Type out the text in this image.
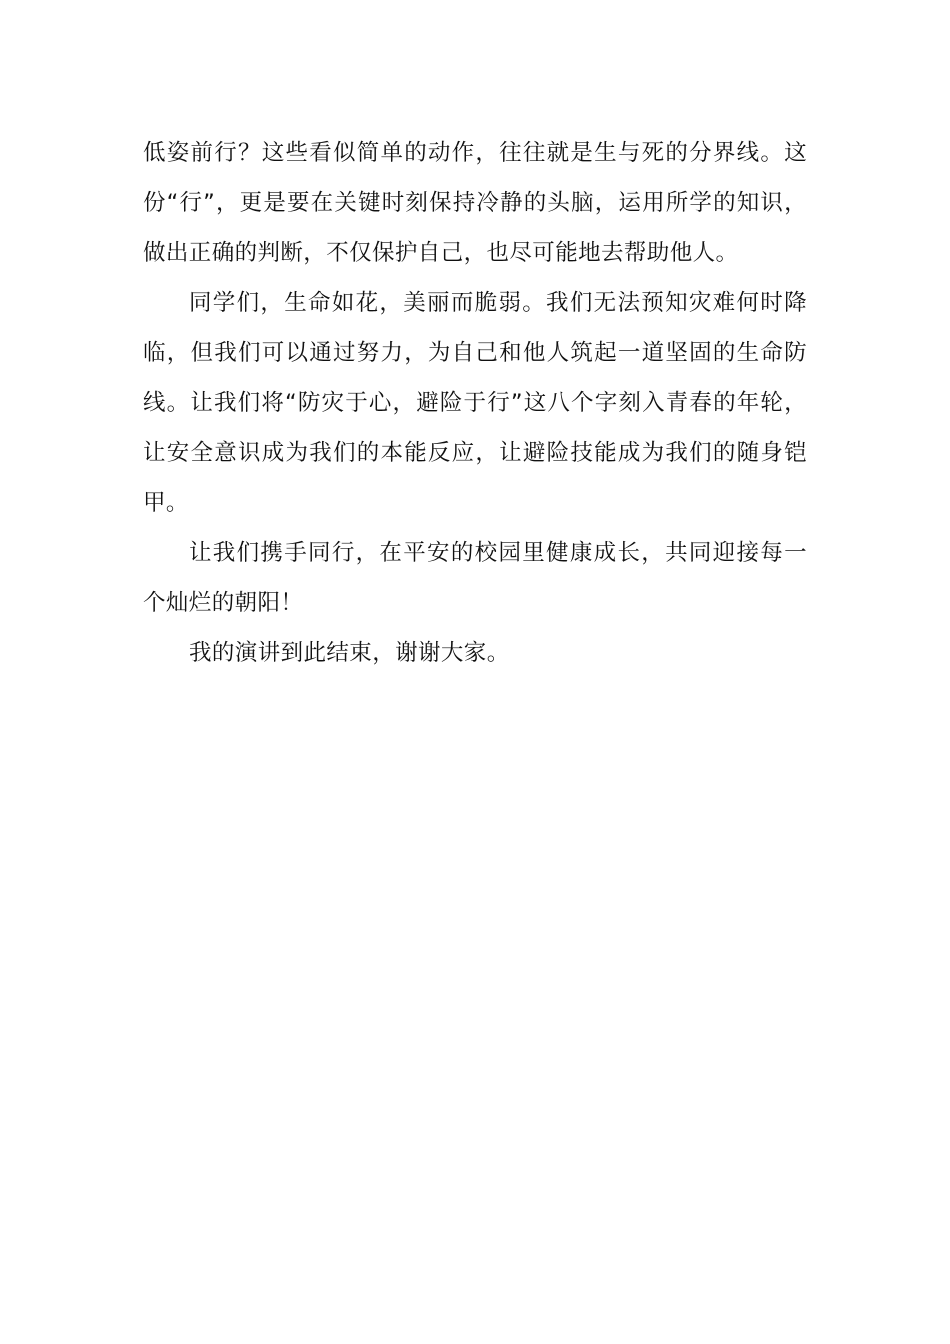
低姿前行？这些看似简单的动作，往往就是生与死的分界线。这份“行”，更是要在关键时刻保持冷静的头脑，运用所学的知识，做出正确的判断，不仅保护自己，也尽可能地去帮助他人。

同学们，生命如花，美丽而脆弱。我们无法预知灾难何时降临，但我们可以通过努力，为自己和他人筑起一道坚固的生命防线。让我们将“防灾于心，避险于行”这八个字刻入青春的年轮，让安全意识成为我们的本能反应，让避险技能成为我们的随身铠甲。

让我们携手同行，在平安的校园里健康成长，共同迎接每一个灿烂的朝阳！

我的演讲到此结束，谢谢大家。
